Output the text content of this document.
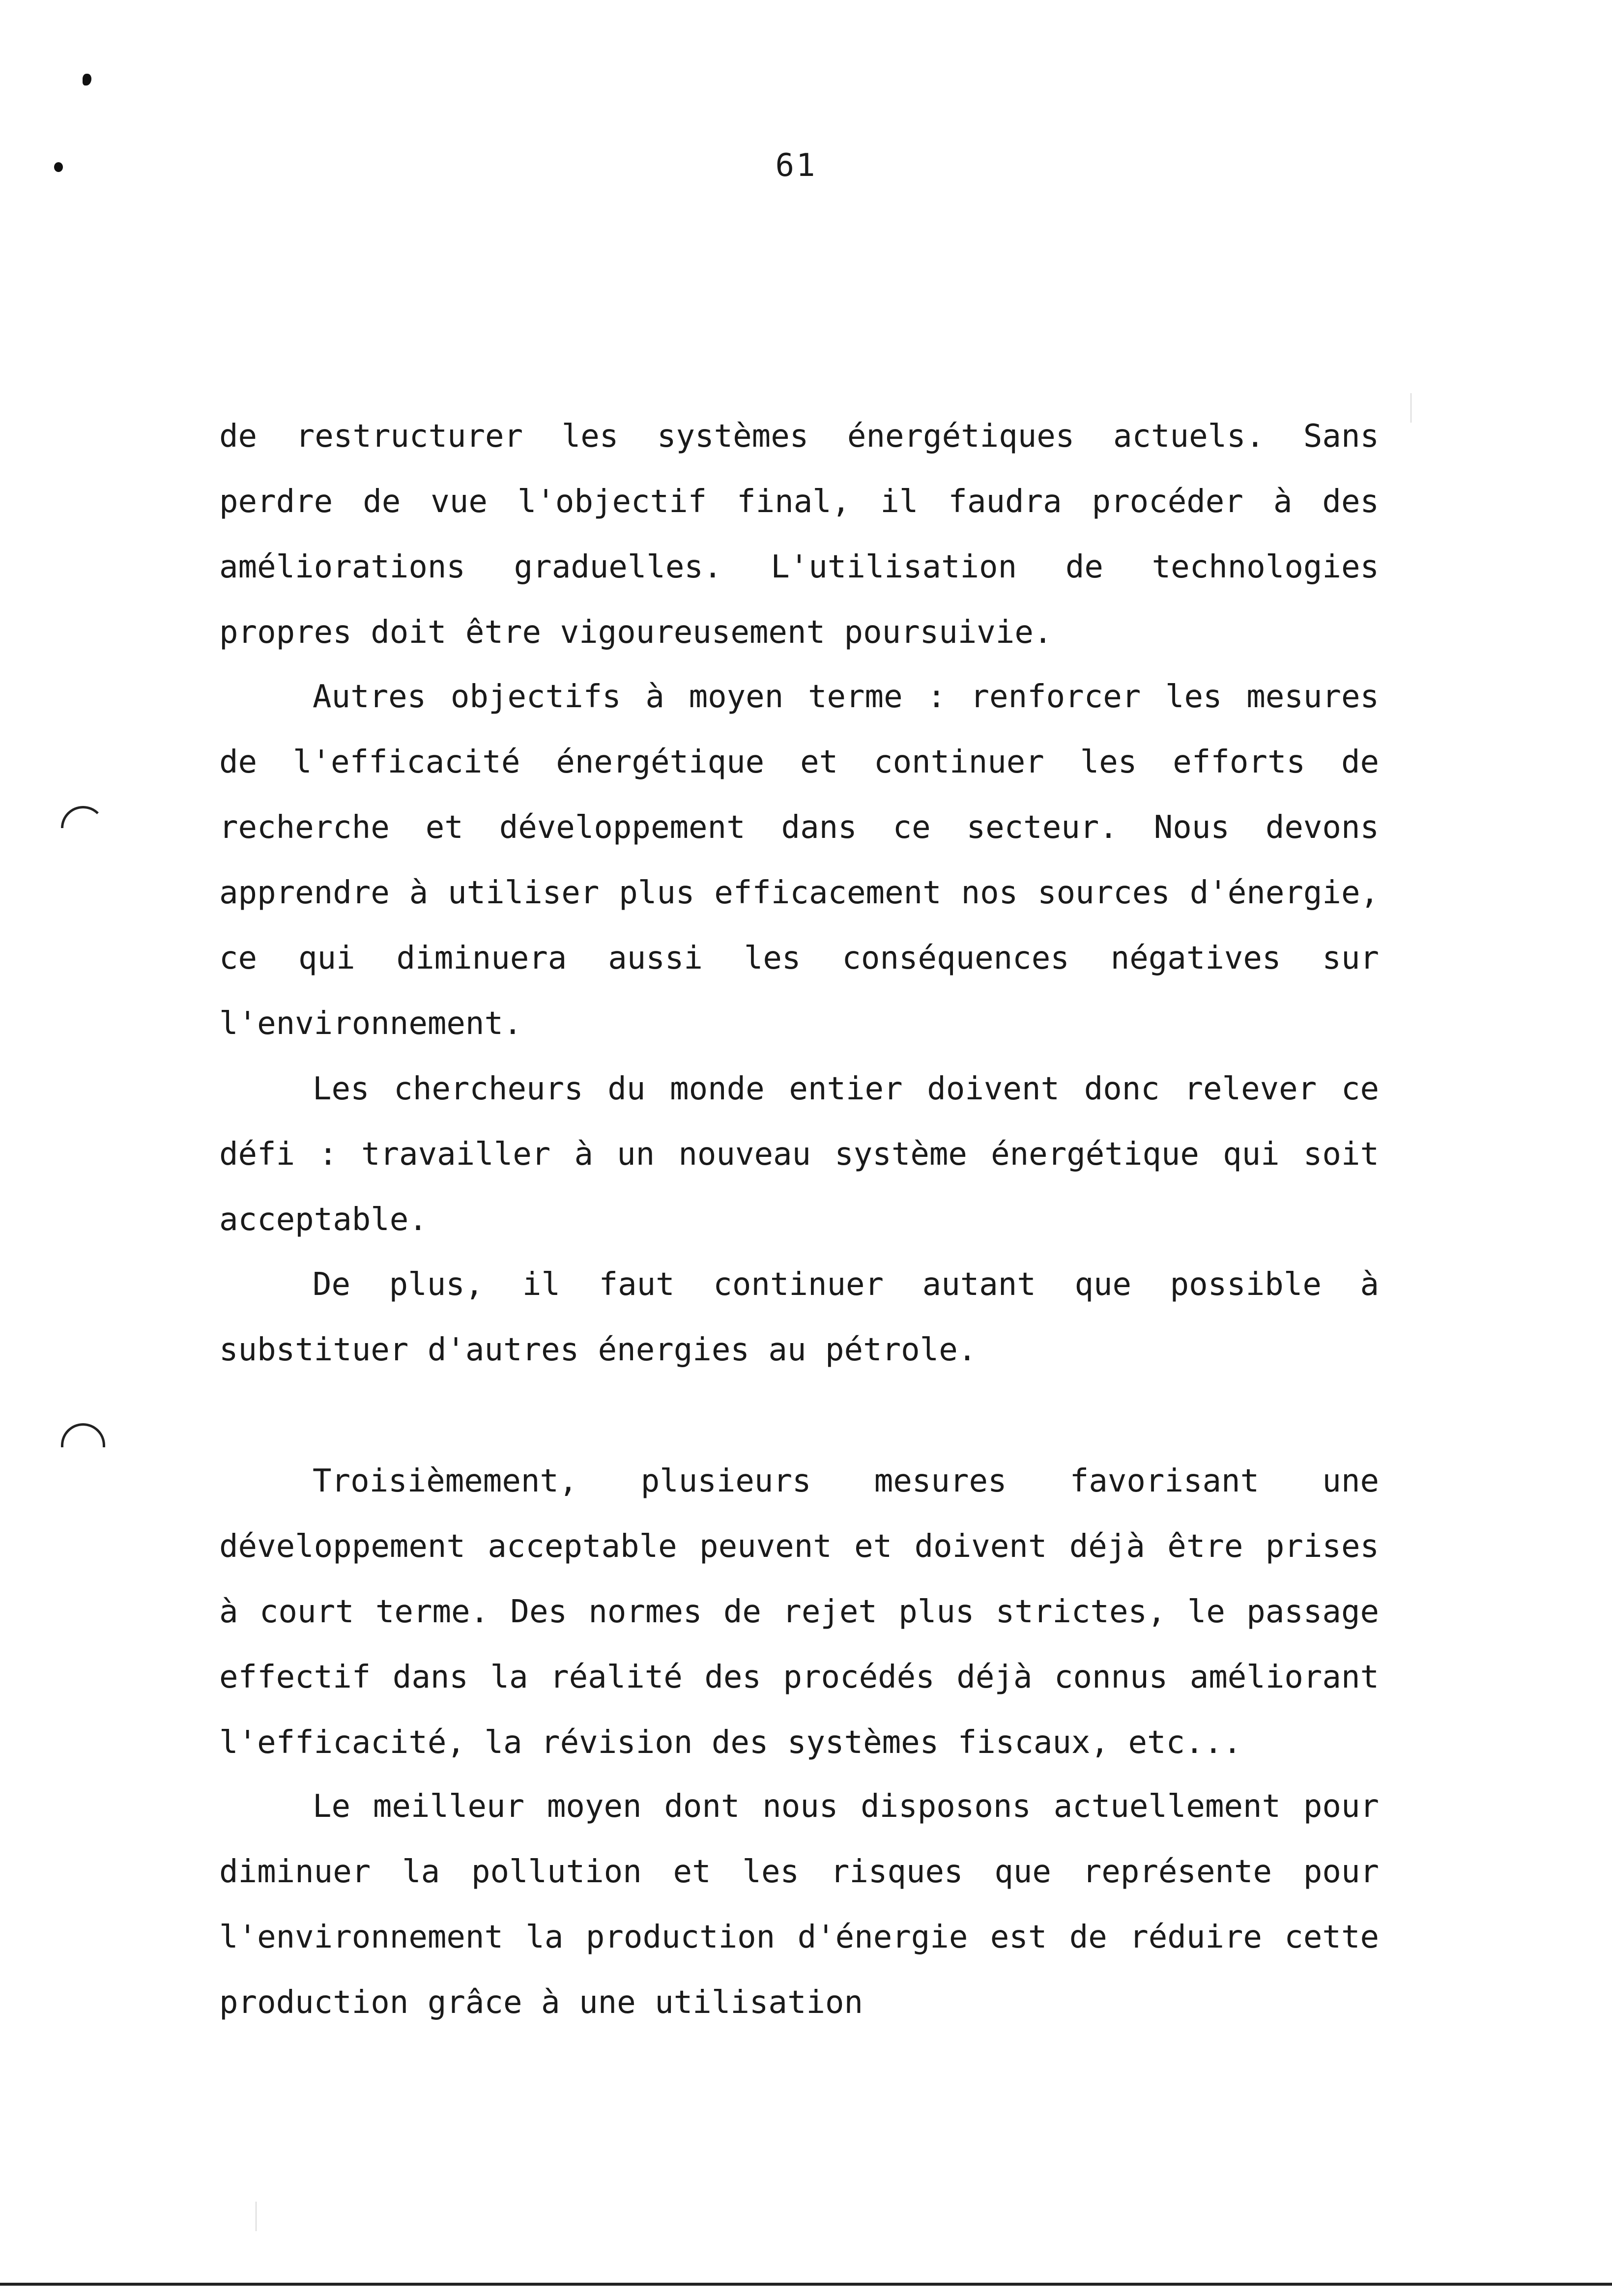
61

de restructurer les systèmes énergétiques actuels. Sans perdre de vue l'objectif final, il faudra procéder à des améliorations graduelles. L'utilisation de technologies propres doit être vigoureusement poursuivie.

Autres objectifs à moyen terme : renforcer les mesures de l'efficacité énergétique et continuer les efforts de recherche et développement dans ce secteur. Nous devons apprendre à utiliser plus efficacement nos sources d'énergie, ce qui diminuera aussi les conséquences négatives sur l'environnement.

Les chercheurs du monde entier doivent donc relever ce défi : travailler à un nouveau système énergétique qui soit acceptable.

De plus, il faut continuer autant que possible à substituer d'autres énergies au pétrole.

Troisièmement, plusieurs mesures favorisant une développement acceptable peuvent et doivent déjà être prises à court terme. Des normes de rejet plus strictes, le passage effectif dans la réalité des procédés déjà connus améliorant l'efficacité, la révision des systèmes fiscaux, etc...

Le meilleur moyen dont nous disposons actuellement pour diminuer la pollution et les risques que représente pour l'environnement la production d'énergie est de réduire cette production grâce à une utilisation
